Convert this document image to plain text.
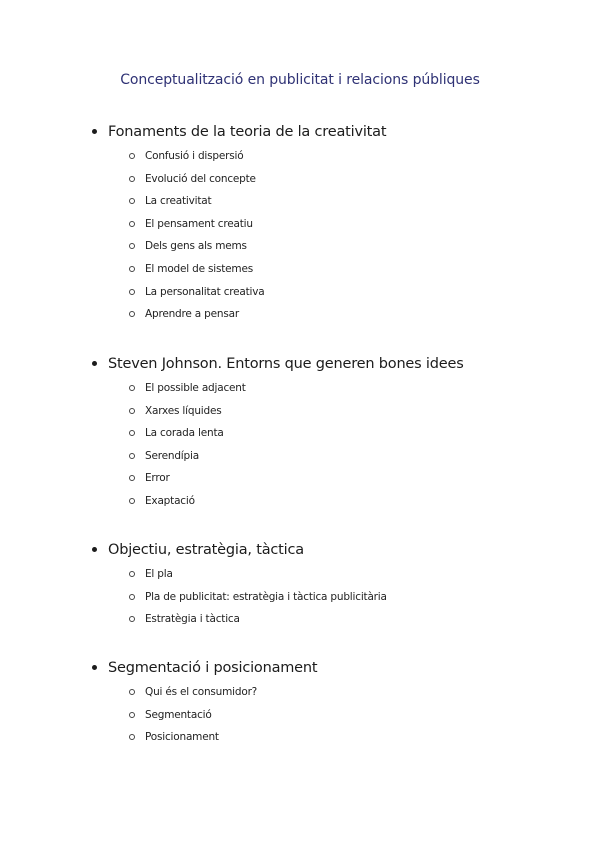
Conceptualització en publicitat i relacions públiques
Fonaments de la teoria de la creativitat
Confusió i dispersió
Evolució del concepte
La creativitat
El pensament creatiu
Dels gens als mems
El model de sistemes
La personalitat creativa
Aprendre a pensar
Steven Johnson. Entorns que generen bones idees
El possible adjacent
Xarxes líquides
La corada lenta
Serendípia
Error
Exaptació
Objectiu, estratègia, tàctica
El pla
Pla de publicitat: estratègia i tàctica publicitària
Estratègia i tàctica
Segmentació i posicionament
Qui és el consumidor?
Segmentació
Posicionament
